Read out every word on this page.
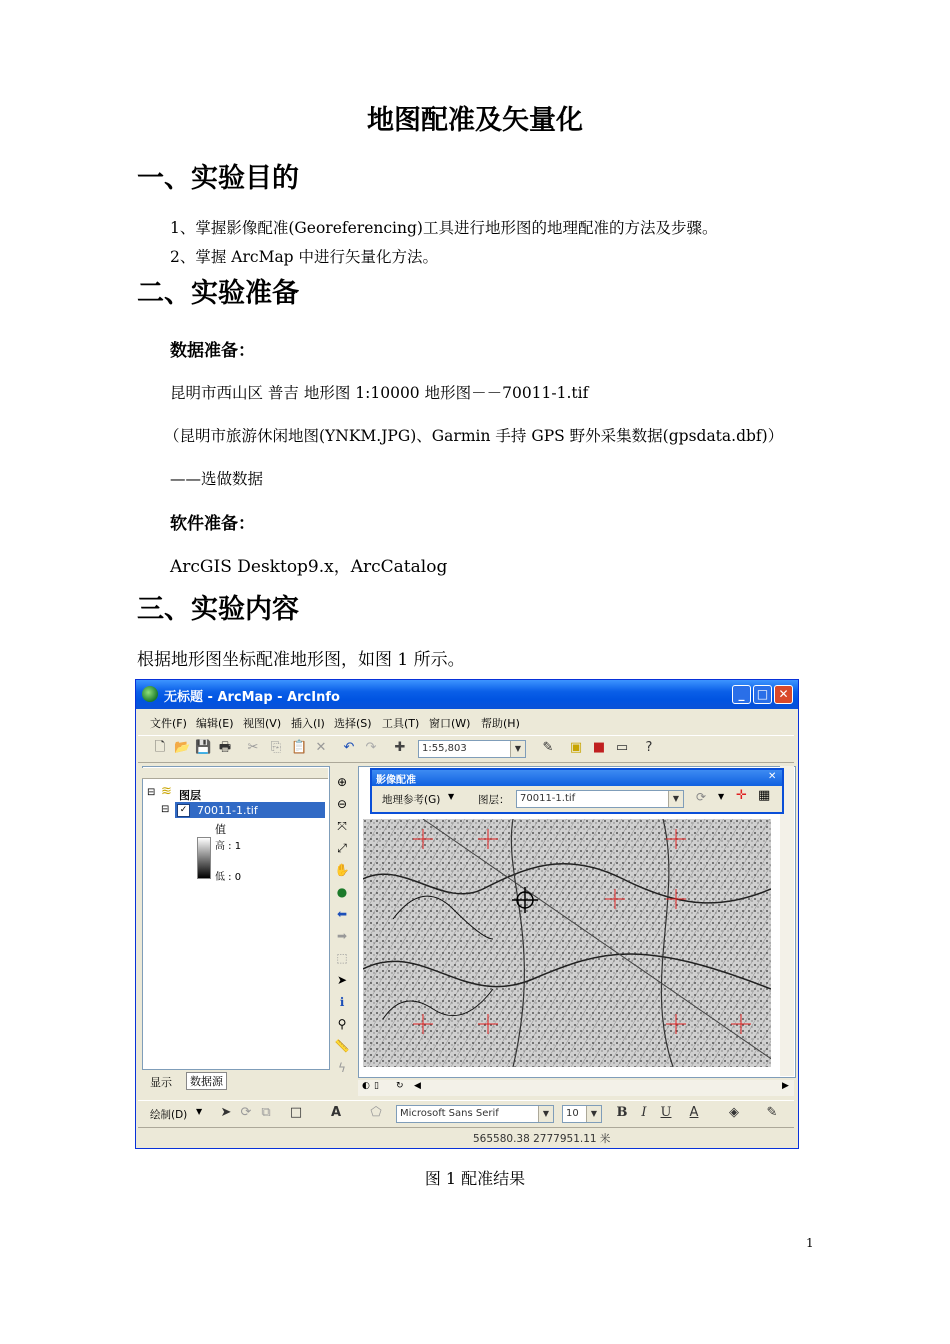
地图配准及矢量化
一、实验目的
1、掌握影像配准(Georeferencing)工具进行地形图的地理配准的方法及步骤。
2、掌握 ArcMap 中进行矢量化方法。
二、实验准备
数据准备：
昆明市西山区 普吉 地形图 1:10000 地形图－－70011-1.tif
（昆明市旅游休闲地图(YNKM.JPG)、Garmin 手持 GPS 野外采集数据(gpsdata.dbf)）
——选做数据
软件准备：
ArcGIS Desktop9.x，ArcCatalog
三、实验内容
根据地形图坐标配准地形图，如图 1 所示。
无标题 - ArcMap - ArcInfo	_	□ ✕
文件(F) 编辑(E) 视图(V) 插入(I) 选择(S) 工具(T) 窗口(W) 帮助(H)
🗋 📂 💾 🖶 ✂ ⎘ 📋 ✕ ↶ ↷ ✚	1:55,803	▼	✎ ▣ ■ ▭	?
⊟ ≋ 图层
⊟	✓ 70011-1.tif
值
高 : 1
低 : 0
显示	数据源
⊕
⊖
⤧
⤢
✋
●
⬅
➡
⬚
➤
ℹ
⚲
📏
ϟ
影像配准	✕
地理参考(G) ▼ 图层：	70011-1.tif	▼	⟳ ▼ ✛ ▦
◐ ▯ ↻ ◀	▶
绘制(D) ▼ ➤ ⟳ ⧉ □ A ⬠	Microsoft Sans Serif	▼	10	▼	B	I	U A ◈ ✎
565580.38 2777951.11 米
图 1 配准结果
1
